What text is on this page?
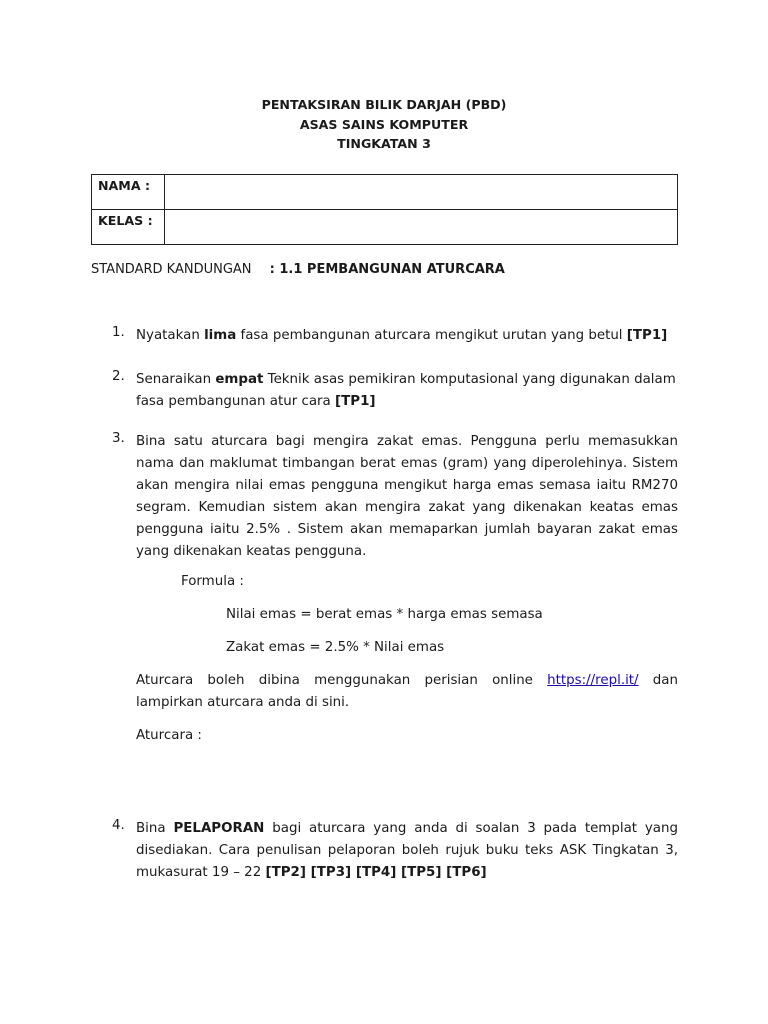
PENTAKSIRAN BILIK DARJAH (PBD)
ASAS SAINS KOMPUTER
TINGKATAN 3
NAMA :	
KELAS :	
STANDARD KANDUNGAN : 1.1 PEMBANGUNAN ATURCARA
1. Nyatakan lima fasa pembangunan aturcara mengikut urutan yang betul [TP1]
2. Senaraikan empat Teknik asas pemikiran komputasional yang digunakan dalam fasa pembangunan atur cara [TP1]
3. Bina satu aturcara bagi mengira zakat emas. Pengguna perlu memasukkan nama dan maklumat timbangan berat emas (gram) yang diperolehinya. Sistem akan mengira nilai emas pengguna mengikut harga emas semasa iaitu RM270 segram. Kemudian sistem akan mengira zakat yang dikenakan keatas emas pengguna iaitu 2.5% . Sistem akan memaparkan jumlah bayaran zakat emas yang dikenakan keatas pengguna.
Formula :
Nilai emas = berat emas * harga emas semasa
Zakat emas = 2.5% * Nilai emas
Aturcara boleh dibina menggunakan perisian online https://repl.it/ dan lampirkan aturcara anda di sini.
Aturcara :
4. Bina PELAPORAN bagi aturcara yang anda di soalan 3 pada templat yang disediakan. Cara penulisan pelaporan boleh rujuk buku teks ASK Tingkatan 3, mukasurat 19 – 22 [TP2] [TP3] [TP4] [TP5] [TP6]
